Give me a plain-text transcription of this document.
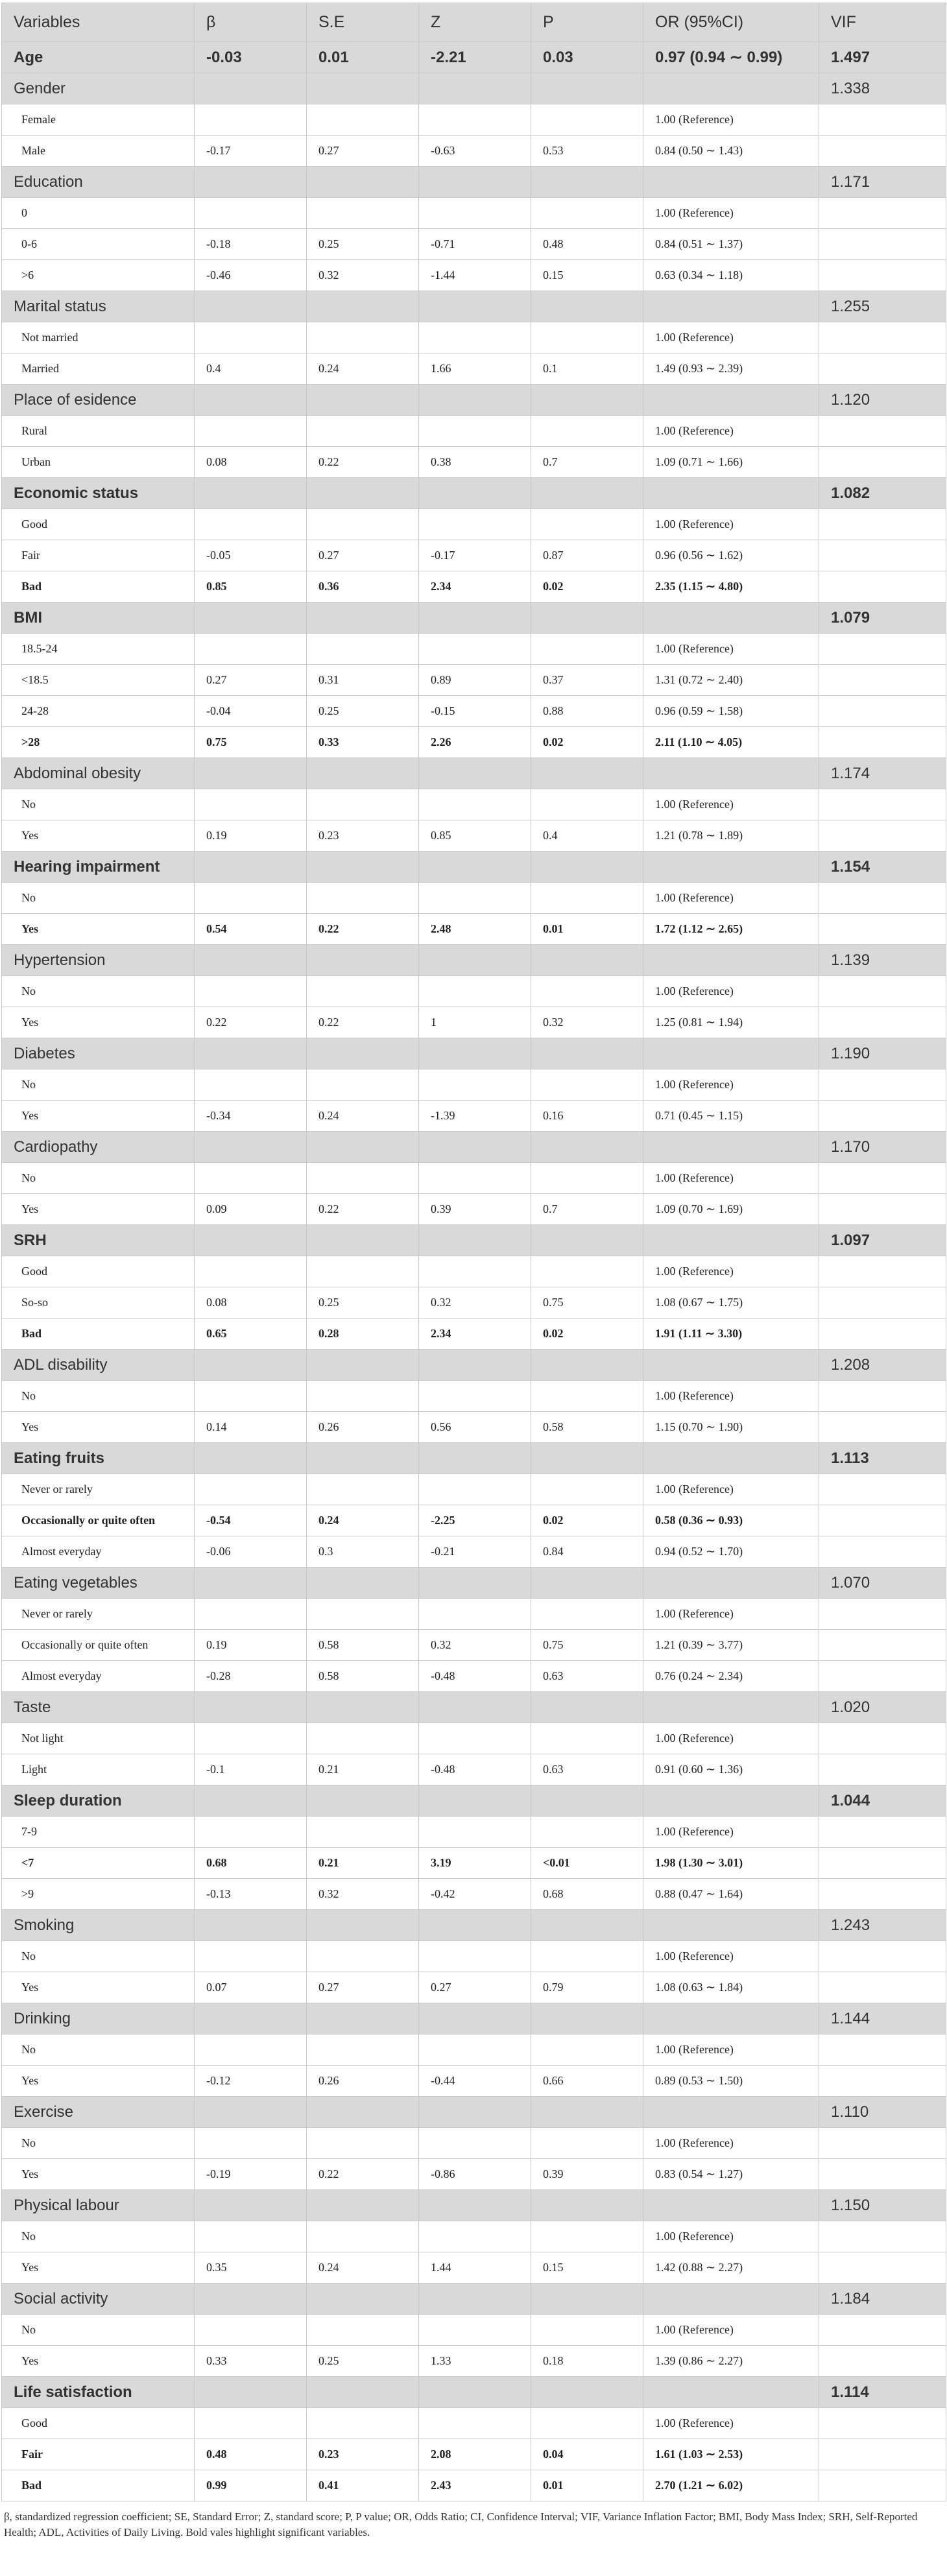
Variables	β	S.E	Z	P	OR (95%CI)	VIF
Age	-0.03	0.01	-2.21	0.03	0.97 (0.94 ∼ 0.99)	1.497
Gender						1.338
Female					1.00 (Reference)	
Male	-0.17	0.27	-0.63	0.53	0.84 (0.50 ∼ 1.43)	
Education						1.171
0					1.00 (Reference)	
0-6	-0.18	0.25	-0.71	0.48	0.84 (0.51 ∼ 1.37)	
>6	-0.46	0.32	-1.44	0.15	0.63 (0.34 ∼ 1.18)	
Marital status						1.255
Not married					1.00 (Reference)	
Married	0.4	0.24	1.66	0.1	1.49 (0.93 ∼ 2.39)	
Place of esidence						1.120
Rural					1.00 (Reference)	
Urban	0.08	0.22	0.38	0.7	1.09 (0.71 ∼ 1.66)	
Economic status						1.082
Good					1.00 (Reference)	
Fair	-0.05	0.27	-0.17	0.87	0.96 (0.56 ∼ 1.62)	
Bad	0.85	0.36	2.34	0.02	2.35 (1.15 ∼ 4.80)	
BMI						1.079
18.5-24					1.00 (Reference)	
<18.5	0.27	0.31	0.89	0.37	1.31 (0.72 ∼ 2.40)	
24-28	-0.04	0.25	-0.15	0.88	0.96 (0.59 ∼ 1.58)	
>28	0.75	0.33	2.26	0.02	2.11 (1.10 ∼ 4.05)	
Abdominal obesity						1.174
No					1.00 (Reference)	
Yes	0.19	0.23	0.85	0.4	1.21 (0.78 ∼ 1.89)	
Hearing impairment						1.154
No					1.00 (Reference)	
Yes	0.54	0.22	2.48	0.01	1.72 (1.12 ∼ 2.65)	
Hypertension						1.139
No					1.00 (Reference)	
Yes	0.22	0.22	1	0.32	1.25 (0.81 ∼ 1.94)	
Diabetes						1.190
No					1.00 (Reference)	
Yes	-0.34	0.24	-1.39	0.16	0.71 (0.45 ∼ 1.15)	
Cardiopathy						1.170
No					1.00 (Reference)	
Yes	0.09	0.22	0.39	0.7	1.09 (0.70 ∼ 1.69)	
SRH						1.097
Good					1.00 (Reference)	
So-so	0.08	0.25	0.32	0.75	1.08 (0.67 ∼ 1.75)	
Bad	0.65	0.28	2.34	0.02	1.91 (1.11 ∼ 3.30)	
ADL disability						1.208
No					1.00 (Reference)	
Yes	0.14	0.26	0.56	0.58	1.15 (0.70 ∼ 1.90)	
Eating fruits						1.113
Never or rarely					1.00 (Reference)	
Occasionally or quite often	-0.54	0.24	-2.25	0.02	0.58 (0.36 ∼ 0.93)	
Almost everyday	-0.06	0.3	-0.21	0.84	0.94 (0.52 ∼ 1.70)	
Eating vegetables						1.070
Never or rarely					1.00 (Reference)	
Occasionally or quite often	0.19	0.58	0.32	0.75	1.21 (0.39 ∼ 3.77)	
Almost everyday	-0.28	0.58	-0.48	0.63	0.76 (0.24 ∼ 2.34)	
Taste						1.020
Not light					1.00 (Reference)	
Light	-0.1	0.21	-0.48	0.63	0.91 (0.60 ∼ 1.36)	
Sleep duration						1.044
7-9					1.00 (Reference)	
<7	0.68	0.21	3.19	<0.01	1.98 (1.30 ∼ 3.01)	
>9	-0.13	0.32	-0.42	0.68	0.88 (0.47 ∼ 1.64)	
Smoking						1.243
No					1.00 (Reference)	
Yes	0.07	0.27	0.27	0.79	1.08 (0.63 ∼ 1.84)	
Drinking						1.144
No					1.00 (Reference)	
Yes	-0.12	0.26	-0.44	0.66	0.89 (0.53 ∼ 1.50)	
Exercise						1.110
No					1.00 (Reference)	
Yes	-0.19	0.22	-0.86	0.39	0.83 (0.54 ∼ 1.27)	
Physical labour						1.150
No					1.00 (Reference)	
Yes	0.35	0.24	1.44	0.15	1.42 (0.88 ∼ 2.27)	
Social activity						1.184
No					1.00 (Reference)	
Yes	0.33	0.25	1.33	0.18	1.39 (0.86 ∼ 2.27)	
Life satisfaction						1.114
Good					1.00 (Reference)	
Fair	0.48	0.23	2.08	0.04	1.61 (1.03 ∼ 2.53)	
Bad	0.99	0.41	2.43	0.01	2.70 (1.21 ∼ 6.02)	
β, standardized regression coefficient; SE, Standard Error; Z, standard score; P, P value; OR, Odds Ratio; CI, Confidence Interval; VIF, Variance Inflation Factor; BMI, Body Mass Index; SRH, Self-Reported Health; ADL, Activities of Daily Living. Bold vales highlight significant variables.
